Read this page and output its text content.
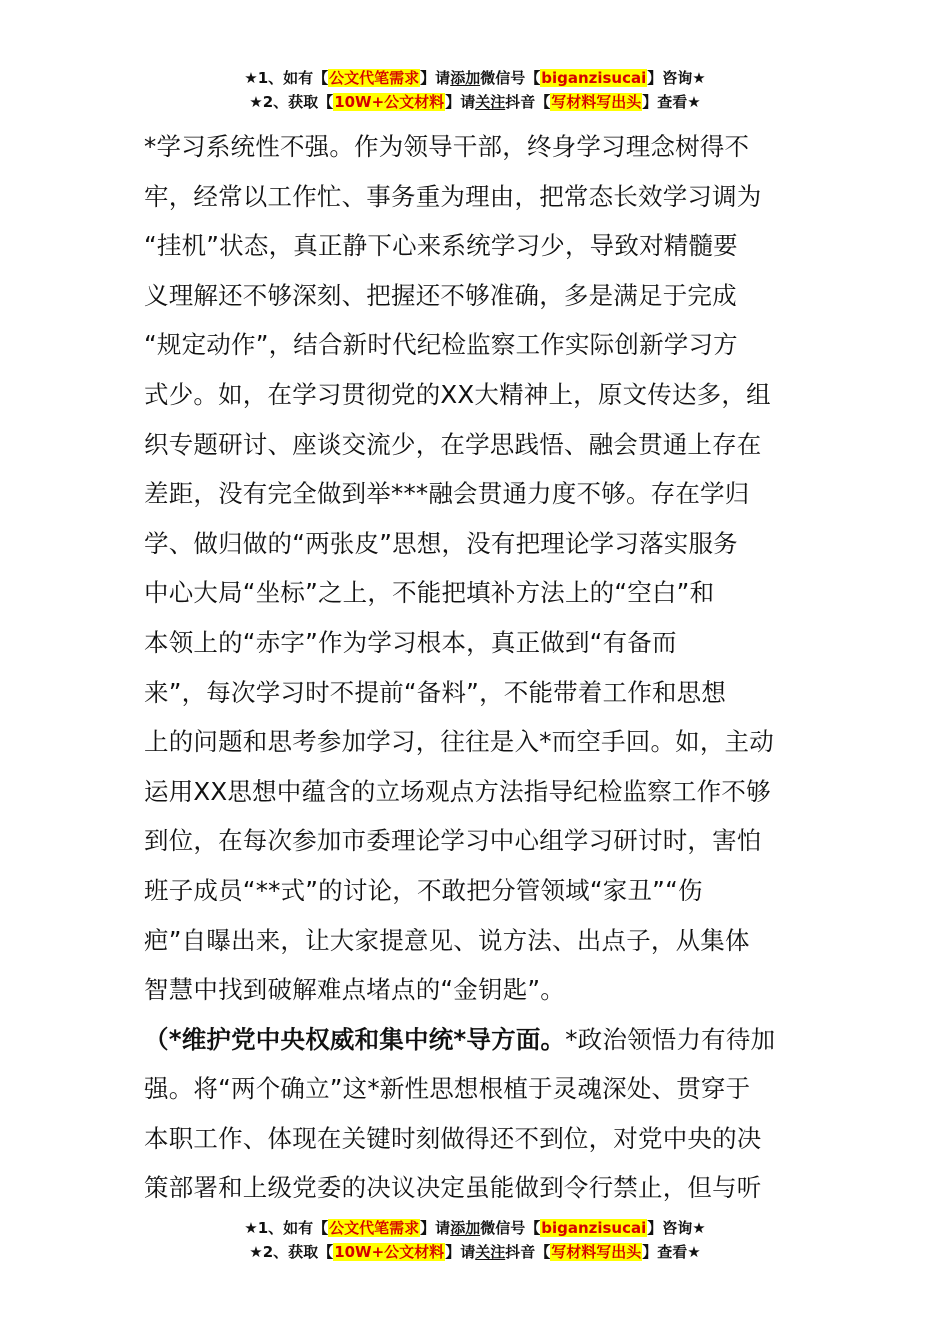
★1、如有【公文代笔需求】请添加微信号【biganzisucai】咨询★
★2、获取【10W+公文材料】请关注抖音【写材料写出头】查看★
*学习系统性不强。作为领导干部，终身学习理念树得不
牢，经常以工作忙、事务重为理由，把常态长效学习调为
“挂机”状态，真正静下心来系统学习少，导致对精髓要
义理解还不够深刻、把握还不够准确，多是满足于完成
“规定动作”，结合新时代纪检监察工作实际创新学习方
式少。如，在学习贯彻党的XX大精神上，原文传达多，组
织专题研讨、座谈交流少，在学思践悟、融会贯通上存在
差距，没有完全做到举***融会贯通力度不够。存在学归
学、做归做的“两张皮”思想，没有把理论学习落实服务
中心大局“坐标”之上，不能把填补方法上的“空白”和
本领上的“赤字”作为学习根本，真正做到“有备而
来”，每次学习时不提前“备料”，不能带着工作和思想
上的问题和思考参加学习，往往是入*而空手回。如，主动
运用XX思想中蕴含的立场观点方法指导纪检监察工作不够
到位，在每次参加市委理论学习中心组学习研讨时，害怕
班子成员“**式”的讨论，不敢把分管领域“家丑”“伤
疤”自曝出来，让大家提意见、说方法、出点子，从集体
智慧中找到破解难点堵点的“金钥匙”。
（*维护党中央权威和集中统*导方面。*政治领悟力有待加
强。将“两个确立”这*新性思想根植于灵魂深处、贯穿于
本职工作、体现在关键时刻做得还不到位，对党中央的决
策部署和上级党委的决议决定虽能做到令行禁止，但与听
★1、如有【公文代笔需求】请添加微信号【biganzisucai】咨询★
★2、获取【10W+公文材料】请关注抖音【写材料写出头】查看★
